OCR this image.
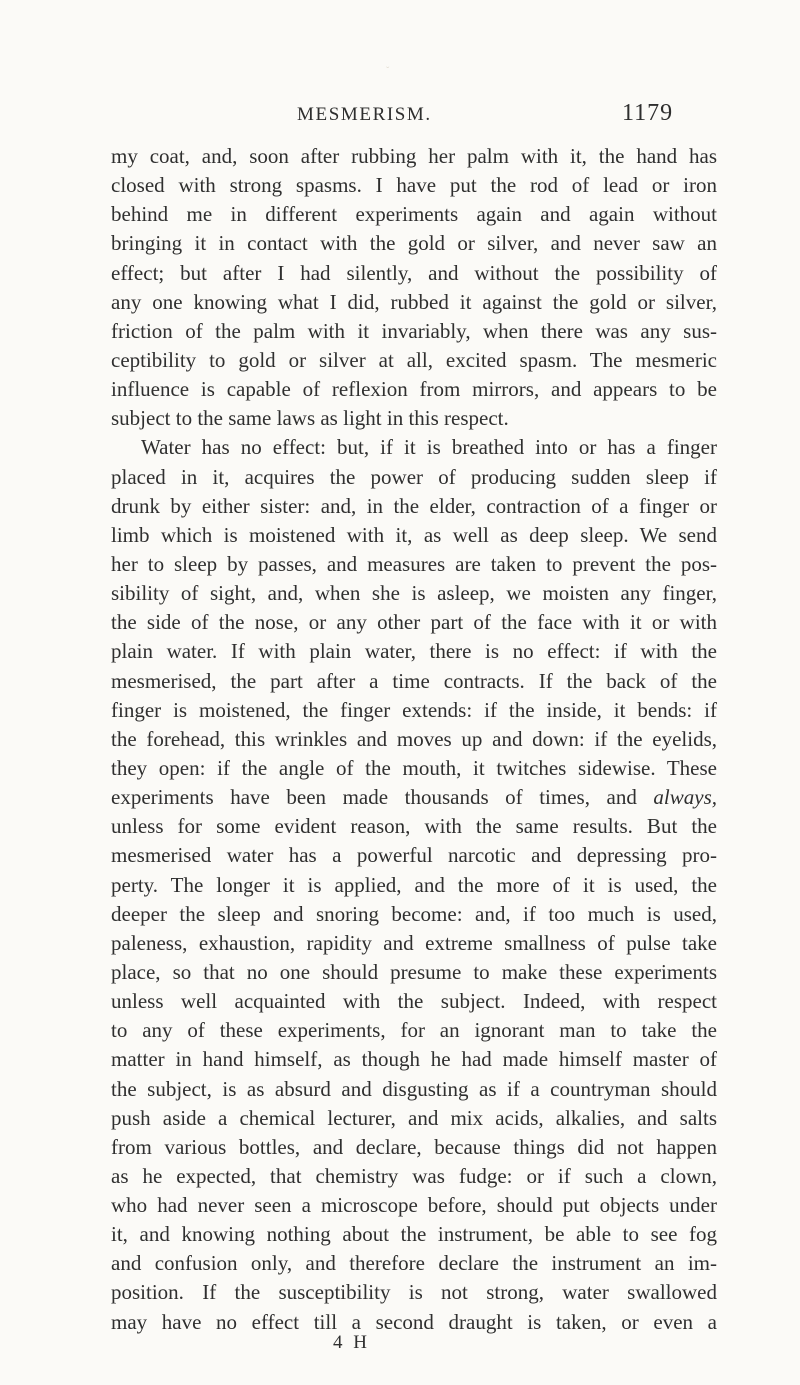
ˇ
MESMERISM.	1179
my coat, and, soon after rubbing her palm with it, the hand has
closed with strong spasms. I have put the rod of lead or iron
behind me in different experiments again and again without
bringing it in contact with the gold or silver, and never saw an
effect; but after I had silently, and without the possibility of
any one knowing what I did, rubbed it against the gold or silver,
friction of the palm with it invariably, when there was any sus-
ceptibility to gold or silver at all, excited spasm. The mesmeric
influence is capable of reflexion from mirrors, and appears to be
subject to the same laws as light in this respect.
Water has no effect: but, if it is breathed into or has a finger
placed in it, acquires the power of producing sudden sleep if
drunk by either sister: and, in the elder, contraction of a finger or
limb which is moistened with it, as well as deep sleep. We send
her to sleep by passes, and measures are taken to prevent the pos-
sibility of sight, and, when she is asleep, we moisten any finger,
the side of the nose, or any other part of the face with it or with
plain water. If with plain water, there is no effect: if with the
mesmerised, the part after a time contracts. If the back of the
finger is moistened, the finger extends: if the inside, it bends: if
the forehead, this wrinkles and moves up and down: if the eyelids,
they open: if the angle of the mouth, it twitches sidewise. These
experiments have been made thousands of times, and always,
unless for some evident reason, with the same results. But the
mesmerised water has a powerful narcotic and depressing pro-
perty. The longer it is applied, and the more of it is used, the
deeper the sleep and snoring become: and, if too much is used,
paleness, exhaustion, rapidity and extreme smallness of pulse take
place, so that no one should presume to make these experiments
unless well acquainted with the subject. Indeed, with respect
to any of these experiments, for an ignorant man to take the
matter in hand himself, as though he had made himself master of
the subject, is as absurd and disgusting as if a countryman should
push aside a chemical lecturer, and mix acids, alkalies, and salts
from various bottles, and declare, because things did not happen
as he expected, that chemistry was fudge: or if such a clown,
who had never seen a microscope before, should put objects under
it, and knowing nothing about the instrument, be able to see fog
and confusion only, and therefore declare the instrument an im-
position. If the susceptibility is not strong, water swallowed
may have no effect till a second draught is taken, or even a
4 H
